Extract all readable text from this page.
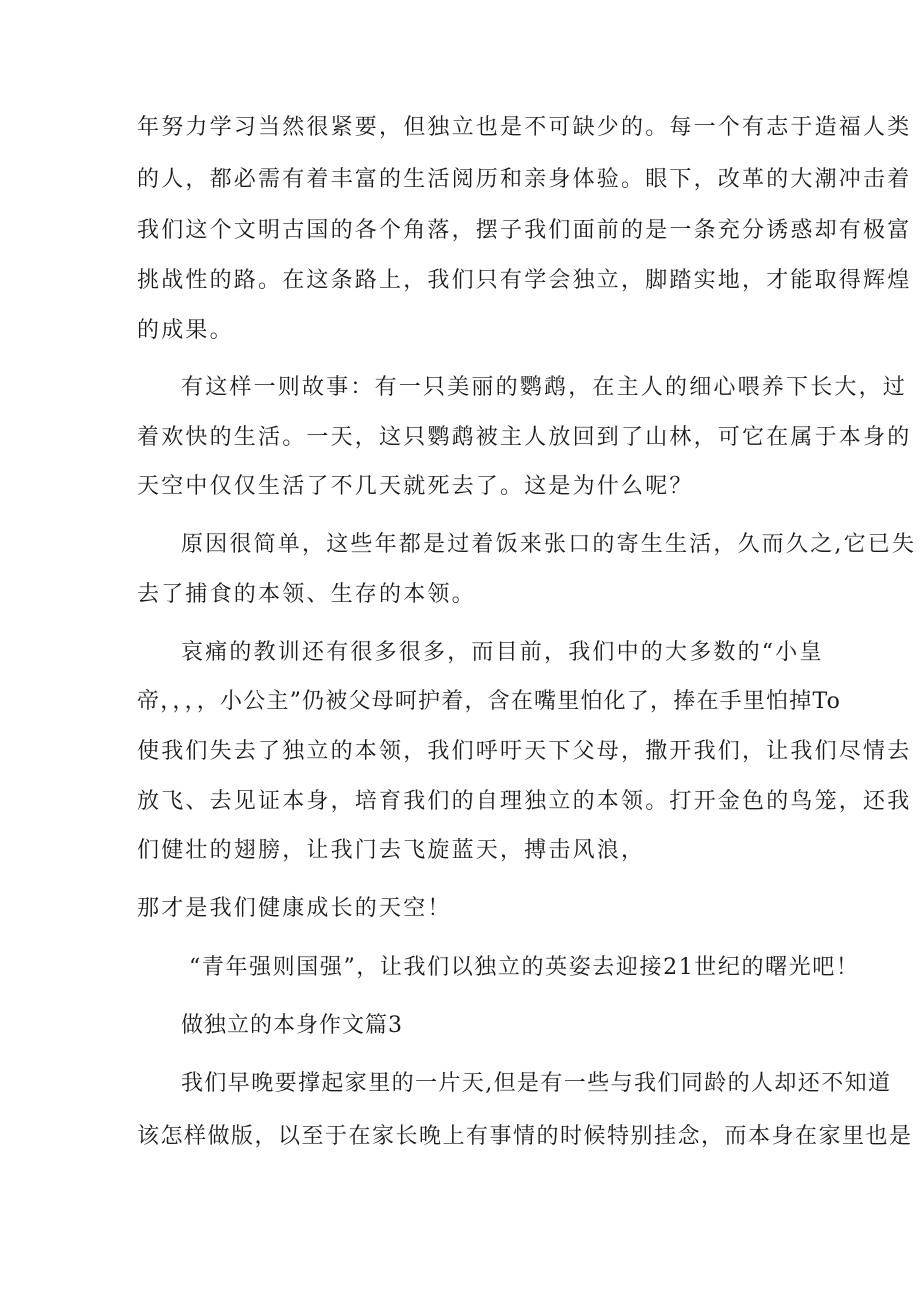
年努力学习当然很紧要，但独立也是不可缺少的。每一个有志于造福人类

的人，都必需有着丰富的生活阅历和亲身体验。眼下，改革的大潮冲击着

我们这个文明古国的各个角落，摆子我们面前的是一条充分诱惑却有极富

挑战性的路。在这条路上，我们只有学会独立，脚踏实地，才能取得辉煌

的成果。

有这样一则故事：有一只美丽的鹦鹉，在主人的细心喂养下长大，过

着欢快的生活。一天，这只鹦鹉被主人放回到了山林，可它在属于本身的

天空中仅仅生活了不几天就死去了。这是为什么呢？

原因很简单，这些年都是过着饭来张口的寄生生活，久而久之,它已失

去了捕食的本领、生存的本领。

哀痛的教训还有很多很多，而目前，我们中的大多数的“小皇

帝，，，，小公主”仍被父母呵护着，含在嘴里怕化了，捧在手里怕掉To

使我们失去了独立的本领，我们呼吁天下父母，撒开我们，让我们尽情去

放飞、去见证本身，培育我们的自理独立的本领。打开金色的鸟笼，还我

们健壮的翅膀，让我门去飞旋蓝天，搏击风浪，

那才是我们健康成长的天空！

“青年强则国强”，让我们以独立的英姿去迎接21世纪的曙光吧！

做独立的本身作文篇3

我们早晚要撑起家里的一片天,但是有一些与我们同龄的人却还不知道

该怎样做版，以至于在家长晚上有事情的时候特别挂念，而本身在家里也是
